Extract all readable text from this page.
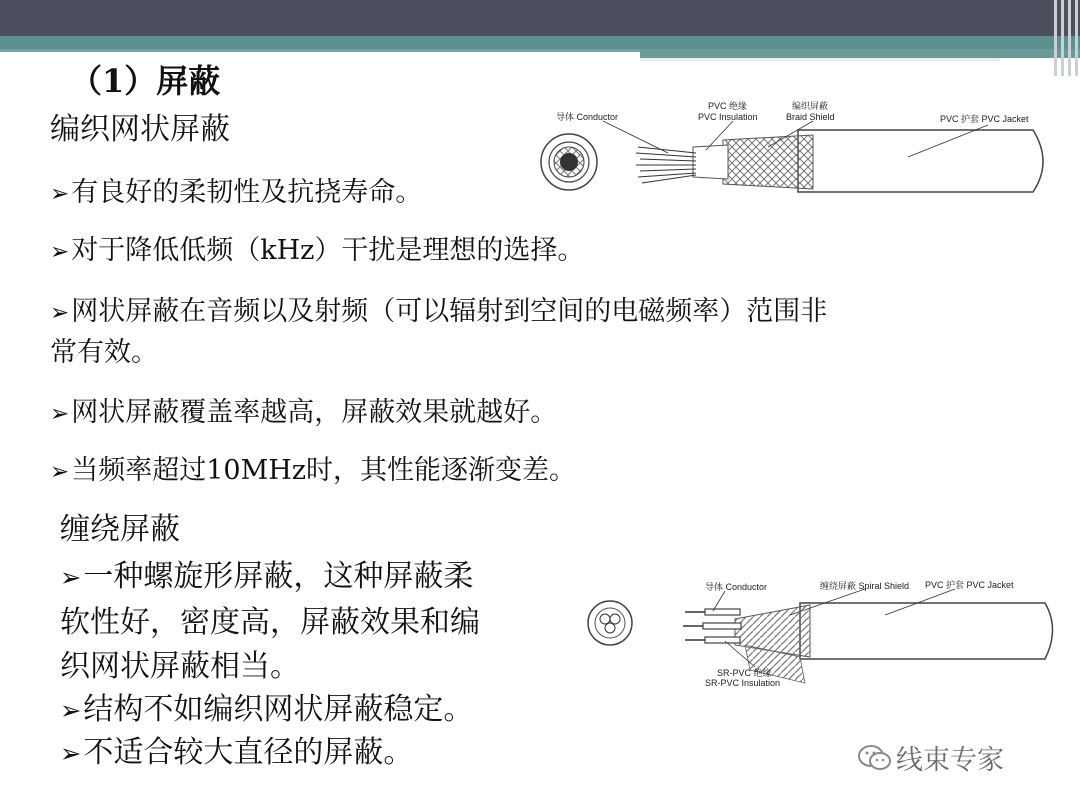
（1）屏蔽
编织网状屏蔽
➢有良好的柔韧性及抗挠寿命。
➢对于降低低频（kHz）干扰是理想的选择。
➢网状屏蔽在音频以及射频（可以辐射到空间的电磁频率）范围非
常有效。
➢网状屏蔽覆盖率越高，屏蔽效果就越好。
➢当频率超过10MHz时，其性能逐渐变差。
缠绕屏蔽
➢一种螺旋形屏蔽，这种屏蔽柔
软性好，密度高，屏蔽效果和编
织网状屏蔽相当。
➢结构不如编织网状屏蔽稳定。
➢不适合较大直径的屏蔽。
导体 Conductor
PVC 绝缘
PVC Insulation
编织屏蔽
Braid Shield	PVC 护套 PVC Jacket
导体 Conductor	缠绕屏蔽 Spiral Shield PVC 护套 PVC Jacket
SR-PVC 绝缘
SR-PVC Insulation
线束专家
